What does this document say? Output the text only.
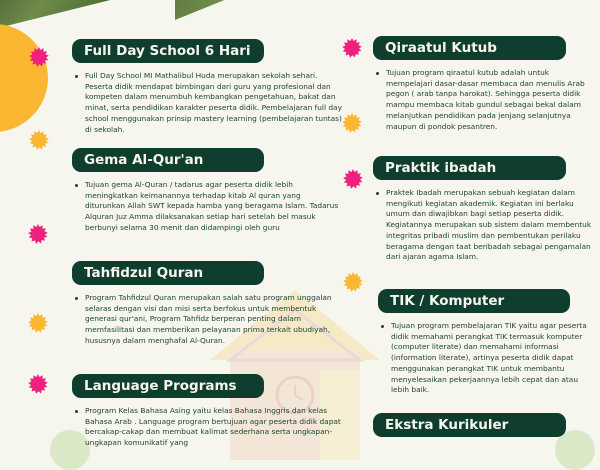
Full Day School 6 Hari
Full Day School MI Mathalibul Huda merupakan sekolah sehari. Peserta didik mendapat bimbingan dari guru yang profesional dan kompeten dalam menumbuh kembangkan pengetahuan, bakat dan minat, serta pendidikan karakter peserta didik. Pembelajaran full day school menggunakan prinsip mastery learning (pembelajaran tuntas) di sekolah.
Gema Al-Qur'an
Tujuan gema Al-Quran / tadarus agar peserta didik lebih meningkatkan keimanannya terhadap kitab Al quran yang diturunkan Allah SWT kepada hamba yang beragama Islam. Tadarus Alquran Juz Amma dilaksanakan setiap hari setelah bel masuk berbunyi selama 30 menit dan didampingi oleh guru
Tahfidzul Quran
Program Tahfidzul Quran merupakan salah satu program unggalan selaras dengan visi dan misi serta berfokus untuk membentuk generasi qur'ani, Program Tahfidz berperan penting dalam memfasilitasi dan memberikan pelayanan prima terkait ubudiyah, hususnya dalam menghafal Al-Quran.
Language Programs
Program Kelas Bahasa Asing yaitu kelas Bahasa Inggris dan kelas Bahasa Arab . Language program bertujuan agar peserta didik dapat bercakap-cakap dan membuat kalimat sederhana serta ungkapan-ungkapan komunikatif yang
Qiraatul Kutub
Tujuan program qiraatul kutub adalah untuk mempelajari dasar-dasar membaca dan menulis Arab pegon ( arab tanpa harokat). Sehingga peserta didik mampu membaca kitab gundul sebagai bekal dalam melanjutkan pendidikan pada jenjang selanjutnya maupun di pondok pesantren.
Praktik ibadah
Praktek Ibadah merupakan sebuah kegiatan dalam mengikuti kegiatan akademik. Kegiatan ini berlaku umum dan diwajibkan bagi setiap peserta didik. Kegiatannya merupakan sub sistem dalam membentuk integritas pribadi muslim dan pembentukan perilaku beragama dengan taat beribadah sebagai pengamalan dari ajaran agama Islam.
TIK / Komputer
Tujuan program pembelajaran TIK yaitu agar peserta didik memahami perangkat TIK termasuk komputer (computer literate) dan memahami informasi (information literate), artinya peserta didik dapat menggunakan perangkat TIK untuk membantu menyelesaikan pekerjaannya lebih cepat dan atau lebih baik.
Ekstra Kurikuler
